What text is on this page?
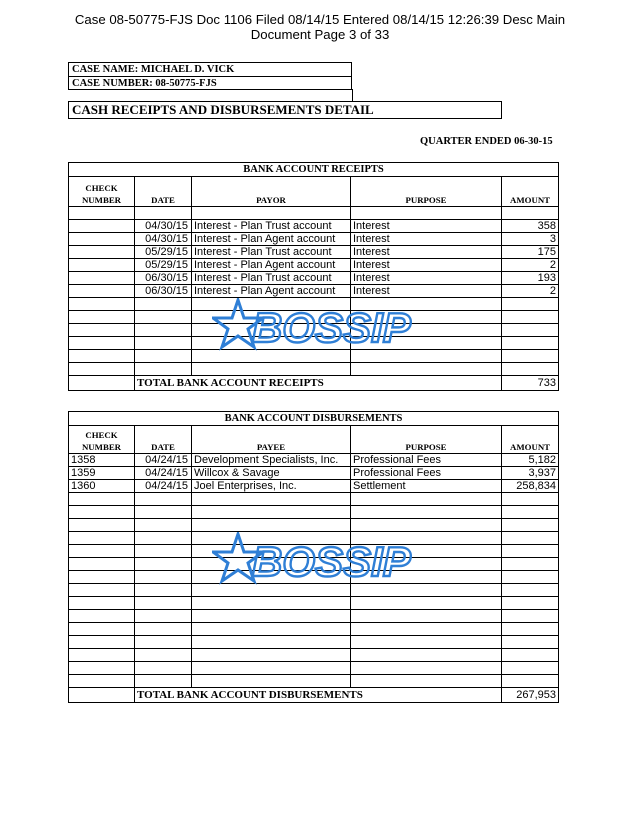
Case 08-50775-FJS Doc 1106 Filed 08/14/15 Entered 08/14/15 12:26:39 Desc Main
Document Page 3 of 33
CASE NAME: MICHAEL D. VICK
CASE NUMBER: 08-50775-FJS
CASH RECEIPTS AND DISBURSEMENTS DETAIL
QUARTER ENDED 06-30-15
BANK ACCOUNT RECEIPTS				
CHECK
NUMBER	DATE	PAYOR	PURPOSE	AMOUNT

	04/30/15	Interest - Plan Trust account	Interest	358
	04/30/15	Interest - Plan Agent account	Interest	3
	05/29/15	Interest - Plan Trust account	Interest	175
	05/29/15	Interest - Plan Agent account	Interest	2
	06/30/15	Interest - Plan Trust account	Interest	193
	06/30/15	Interest - Plan Agent account	Interest	2

	TOTAL BANK ACCOUNT RECEIPTS			733
BANK ACCOUNT DISBURSEMENTS				
CHECK
NUMBER	DATE	PAYEE	PURPOSE	AMOUNT
1358	04/24/15	Development Specialists, Inc.	Professional Fees	5,182
1359	04/24/15	Willcox & Savage	Professional Fees	3,937
1360	04/24/15	Joel Enterprises, Inc.	Settlement	258,834

	TOTAL BANK ACCOUNT DISBURSEMENTS			267,953
BOSSIP
BOSSIP
